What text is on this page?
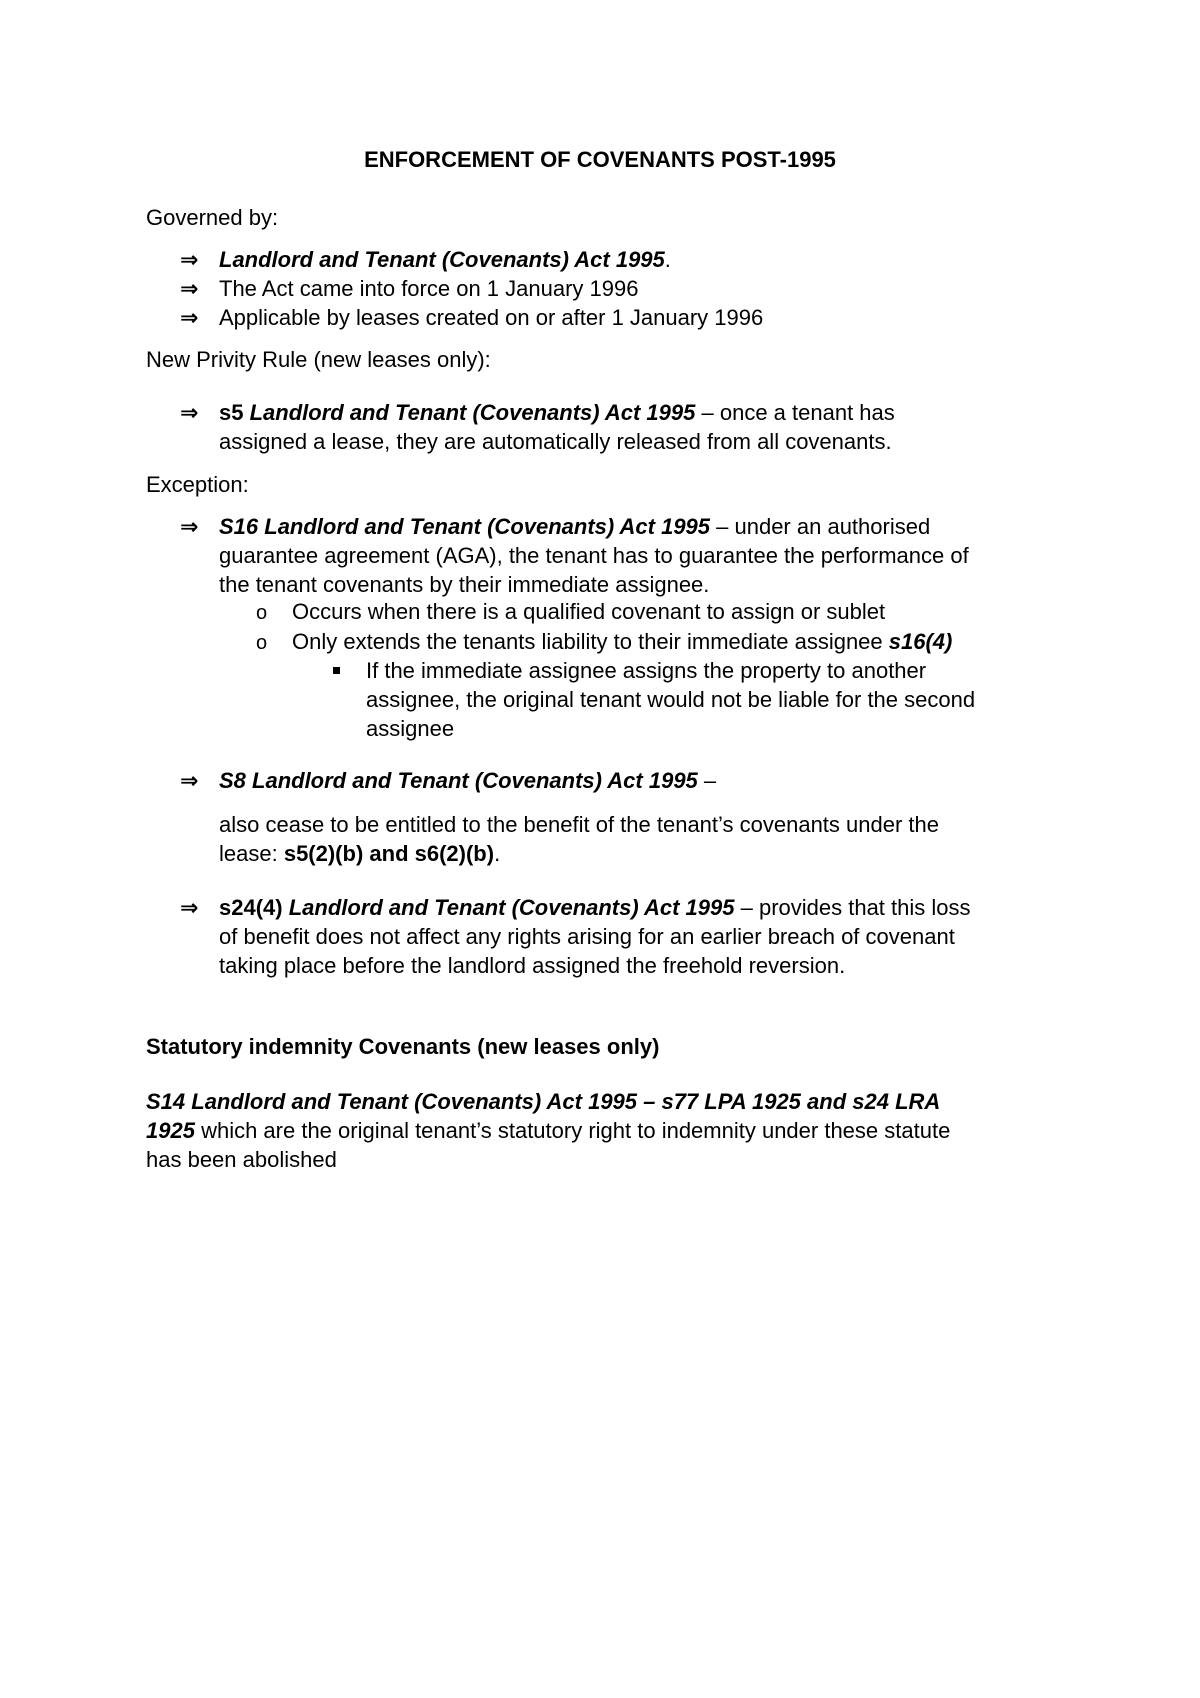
ENFORCEMENT OF COVENANTS POST-1995
Governed by:
⇒ Landlord and Tenant (Covenants) Act 1995.
⇒ The Act came into force on 1 January 1996
⇒ Applicable by leases created on or after 1 January 1996
New Privity Rule (new leases only):
⇒ s5 Landlord and Tenant (Covenants) Act 1995 – once a tenant has
assigned a lease, they are automatically released from all covenants.
Exception:
⇒ S16 Landlord and Tenant (Covenants) Act 1995 – under an authorised
guarantee agreement (AGA), the tenant has to guarantee the performance of
the tenant covenants by their immediate assignee.
o Occurs when there is a qualified covenant to assign or sublet
o Only extends the tenants liability to their immediate assignee s16(4)
If the immediate assignee assigns the property to another
assignee, the original tenant would not be liable for the second
assignee
⇒ S8 Landlord and Tenant (Covenants) Act 1995 –
also cease to be entitled to the benefit of the tenant’s covenants under the
lease: s5(2)(b) and s6(2)(b).
⇒ s24(4) Landlord and Tenant (Covenants) Act 1995 – provides that this loss
of benefit does not affect any rights arising for an earlier breach of covenant
taking place before the landlord assigned the freehold reversion.
Statutory indemnity Covenants (new leases only)
S14 Landlord and Tenant (Covenants) Act 1995 – s77 LPA 1925 and s24 LRA
1925 which are the original tenant’s statutory right to indemnity under these statute
has been abolished
